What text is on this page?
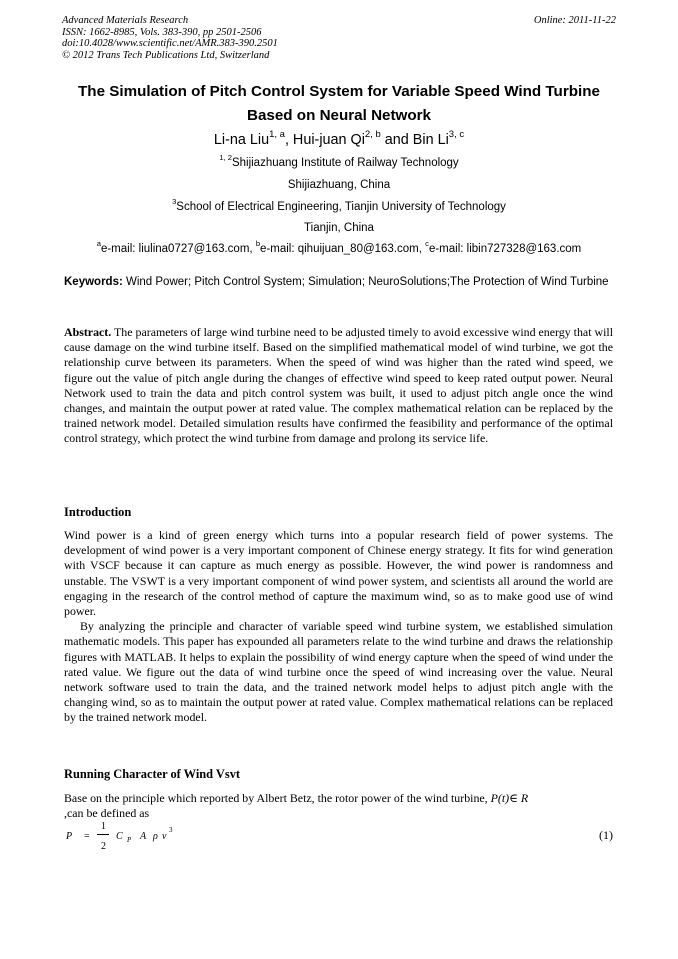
Advanced Materials Research
ISSN: 1662-8985, Vols. 383-390, pp 2501-2506
doi:10.4028/www.scientific.net/AMR.383-390.2501
© 2012 Trans Tech Publications Ltd, Switzerland
Online: 2011-11-22
The Simulation of Pitch Control System for Variable Speed Wind Turbine
Based on Neural Network
Li-na Liu$^{1, a}$, Hui-juan Qi$^{2, b}$ and Bin Li$^{3, c}$
$^{1, 2}$Shijiazhuang Institute of Railway Technology
Shijiazhuang, China
$^3$School of Electrical Engineering, Tianjin University of Technology
Tianjin, China
$^a$e-mail: liulina0727@163.com, $^b$e-mail: qihuijuan_80@163.com, $^c$e-mail: libin727328@163.com
Keywords: Wind Power; Pitch Control System; Simulation; NeuroSolutions;The Protection of Wind Turbine
Abstract. The parameters of large wind turbine need to be adjusted timely to avoid excessive wind energy that will cause damage on the wind turbine itself. Based on the simplified mathematical model of wind turbine, we got the relationship curve between its parameters. When the speed of wind was higher than the rated wind speed, we figure out the value of pitch angle during the changes of effective wind speed to keep rated output power. Neural Network used to train the data and pitch control system was built, it used to adjust pitch angle once the wind changes, and maintain the output power at rated value. The complex mathematical relation can be replaced by the trained network model. Detailed simulation results have confirmed the feasibility and performance of the optimal control strategy, which protect the wind turbine from damage and prolong its service life.
Introduction
Wind power is a kind of green energy which turns into a popular research field of power systems. The development of wind power is a very important component of Chinese energy strategy. It fits for wind generation with VSCF because it can capture as much energy as possible. However, the wind power is randomness and unstable. The VSWT is a very important component of wind power system, and scientists all around the world are engaging in the research of the control method of capture the maximum wind, so as to make good use of wind power.
By analyzing the principle and character of variable speed wind turbine system, we established simulation mathematic models. This paper has expounded all parameters relate to the wind turbine and draws the relationship figures with MATLAB. It helps to explain the possibility of wind energy capture when the speed of wind under the rated value. We figure out the data of wind turbine once the speed of wind increasing over the value. Neural network software used to train the data, and the trained network model helps to adjust pitch angle with the changing wind, so as to maintain the output power at rated value. Complex mathematical relations can be replaced by the trained network model.
Running Character of Wind Vsvt
Base on the principle which reported by Albert Betz, the rotor power of the wind turbine, P(t)∈ R
,can be defined as
P =
1
2
C P A ρ v
3	(1)
